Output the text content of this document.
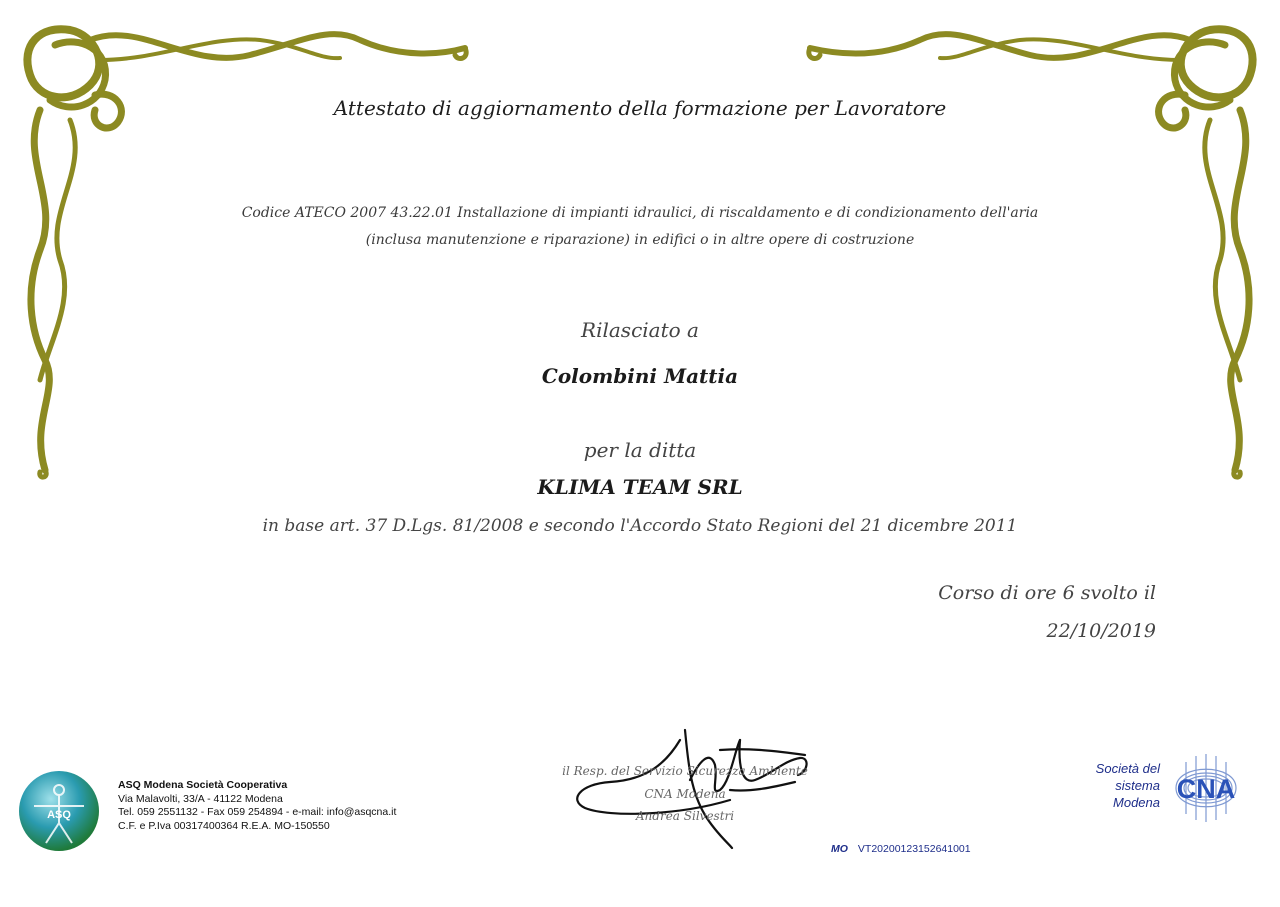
Attestato di aggiornamento della formazione per Lavoratore
Codice ATECO 2007 43.22.01 Installazione di impianti idraulici, di riscaldamento e di condizionamento dell'aria
(inclusa manutenzione e riparazione) in edifici o in altre opere di costruzione
Rilasciato a
Colombini Mattia
per la ditta
KLIMA TEAM SRL
in base art. 37 D.Lgs. 81/2008 e secondo l'Accordo Stato Regioni del 21 dicembre 2011
Corso di ore 6 svolto il
22/10/2019
il Resp. del Servizio Sicurezza Ambiente
CNA Modena
Andrea Silvestri
ASQ
ASQ Modena Società Cooperativa
Via Malavolti, 33/A - 41122 Modena
Tel. 059 2551132 - Fax 059 254894 - e-mail: info@asqcna.it
C.F. e P.Iva 00317400364 R.E.A. MO-150550
Società del
sistema
Modena CNA
MO VT20200123152641001
